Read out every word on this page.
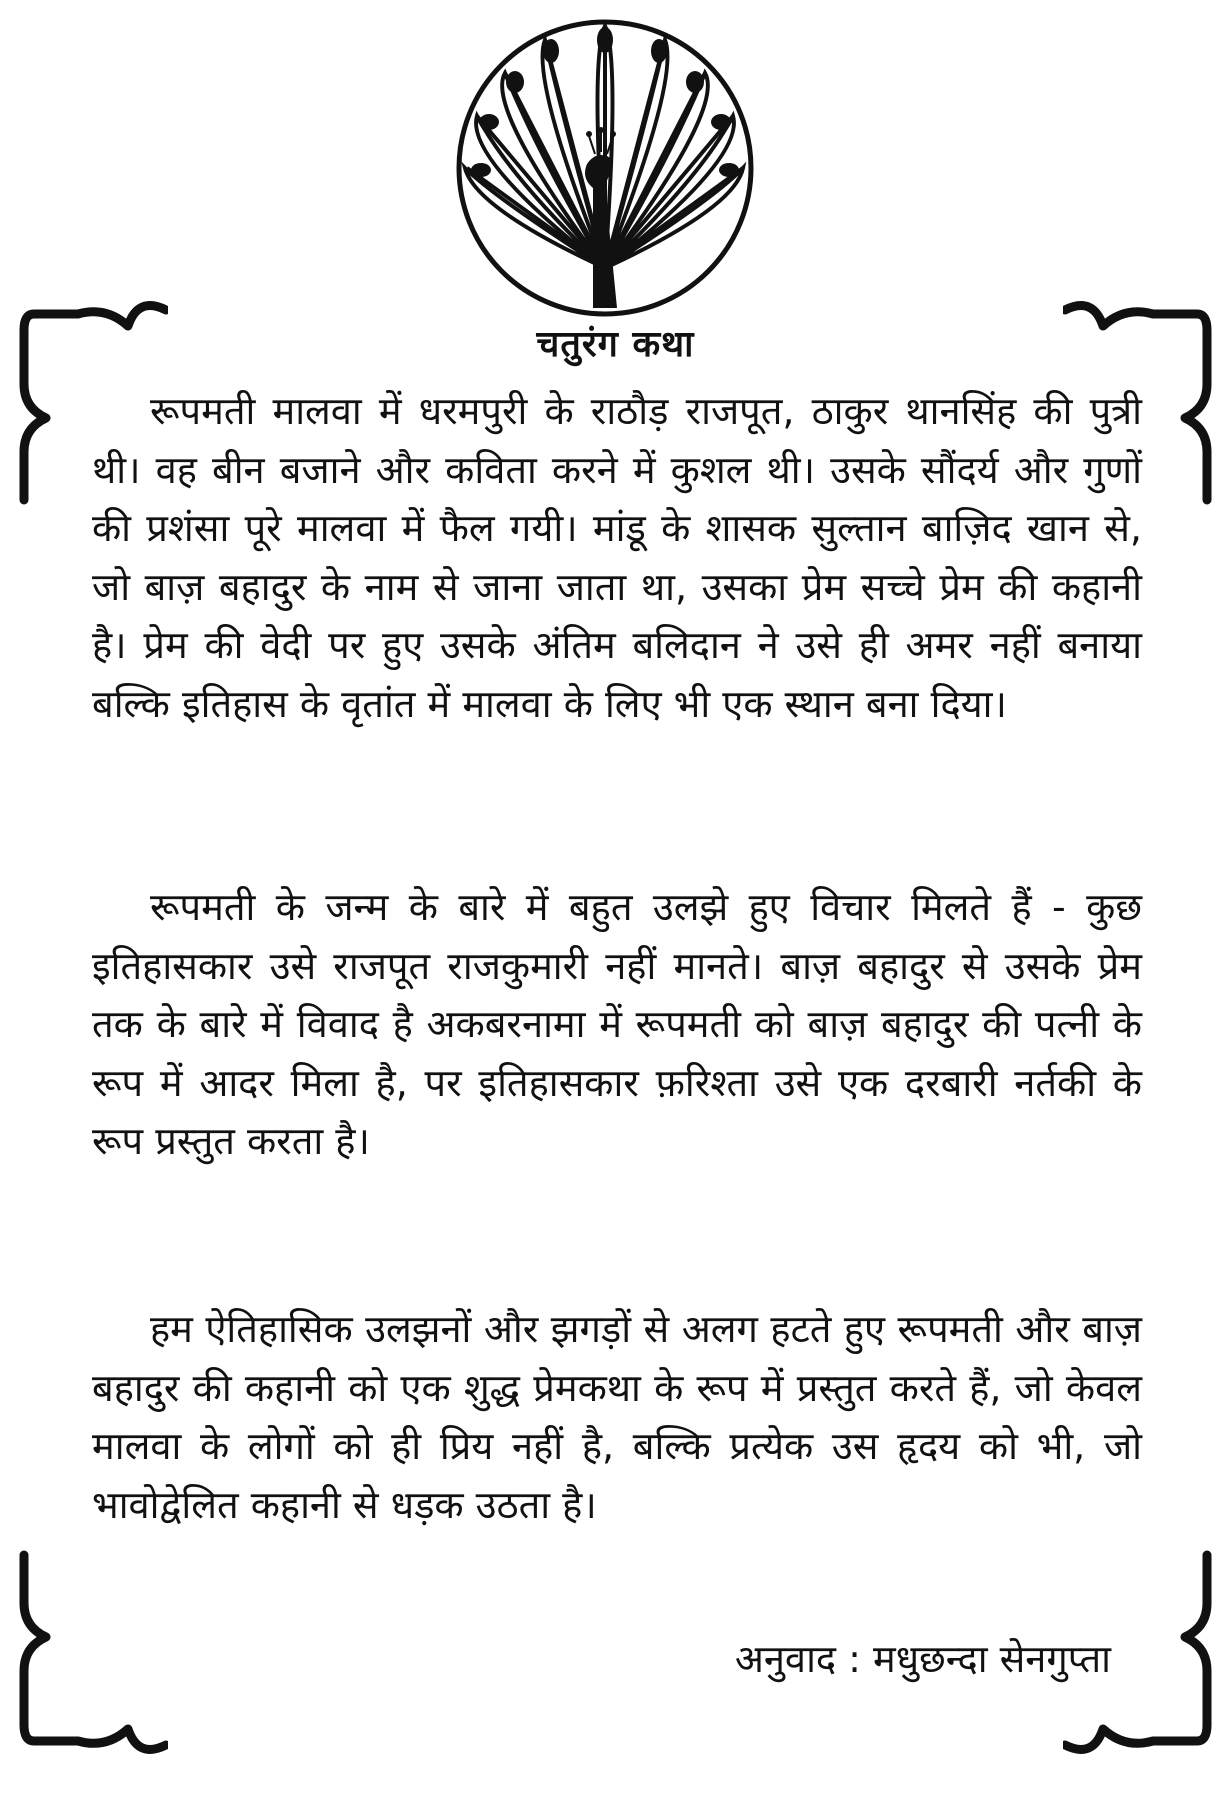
चतुरंग कथा

रूपमती मालवा में धरमपुरी के राठौड़ राजपूत, ठाकुर थानसिंह की पुत्री थी। वह बीन बजाने और कविता करने में कुशल थी। उसके सौंदर्य और गुणों की प्रशंसा पूरे मालवा में फैल गयी। मांडू के शासक सुल्तान बाज़िद खान से, जो बाज़ बहादुर के नाम से जाना जाता था, उसका प्रेम सच्चे प्रेम की कहानी है। प्रेम की वेदी पर हुए उसके अंतिम बलिदान ने उसे ही अमर नहीं बनाया बल्कि इतिहास के वृतांत में मालवा के लिए भी एक स्थान बना दिया।

रूपमती के जन्म के बारे में बहुत उलझे हुए विचार मिलते हैं - कुछ इतिहासकार उसे राजपूत राजकुमारी नहीं मानते। बाज़ बहादुर से उसके प्रेम तक के बारे में विवाद है अकबरनामा में रूपमती को बाज़ बहादुर की पत्नी के रूप में आदर मिला है, पर इतिहासकार फ़रिश्ता उसे एक दरबारी नर्तकी के रूप प्रस्तुत करता है।

हम ऐतिहासिक उलझनों और झगड़ों से अलग हटते हुए रूपमती और बाज़ बहादुर की कहानी को एक शुद्ध प्रेमकथा के रूप में प्रस्तुत करते हैं, जो केवल मालवा के लोगों को ही प्रिय नहीं है, बल्कि प्रत्येक उस हृदय को भी, जो भावोद्वेलित कहानी से धड़क उठता है।

अनुवाद : मधुछन्दा सेनगुप्ता
